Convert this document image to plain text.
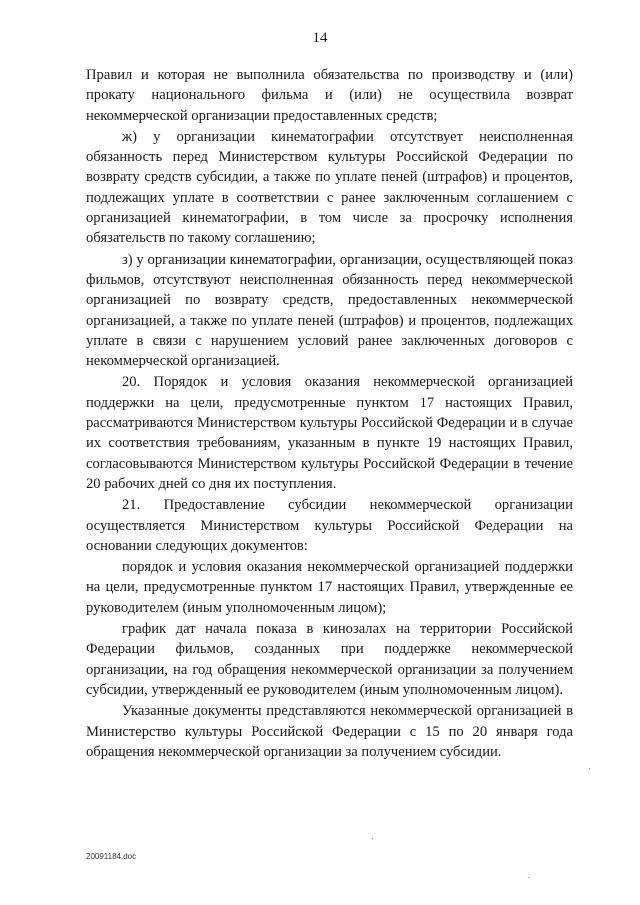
14

Правил и которая не выполнила обязательства по производству и (или) прокату национального фильма и (или) не осуществила возврат некоммерческой организации предоставленных средств;

ж) у организации кинематографии отсутствует неисполненная обязанность перед Министерством культуры Российской Федерации по возврату средств субсидии, а также по уплате пеней (штрафов) и процентов, подлежащих уплате в соответствии с ранее заключенным соглашением с организацией кинематографии, в том числе за просрочку исполнения обязательств по такому соглашению;

з) у организации кинематографии, организации, осуществляющей показ фильмов, отсутствуют неисполненная обязанность перед некоммерческой организацией по возврату средств, предоставленных некоммерческой организацией, а также по уплате пеней (штрафов) и процентов, подлежащих уплате в связи с нарушением условий ранее заключенных договоров с некоммерческой организацией.

20. Порядок и условия оказания некоммерческой организацией поддержки на цели, предусмотренные пунктом 17 настоящих Правил, рассматриваются Министерством культуры Российской Федерации и в случае их соответствия требованиям, указанным в пункте 19 настоящих Правил, согласовываются Министерством культуры Российской Федерации в течение 20 рабочих дней со дня их поступления.

21. Предоставление субсидии некоммерческой организации осуществляется Министерством культуры Российской Федерации на основании следующих документов:

порядок и условия оказания некоммерческой организацией поддержки на цели, предусмотренные пунктом 17 настоящих Правил, утвержденные ее руководителем (иным уполномоченным лицом);

график дат начала показа в кинозалах на территории Российской Федерации фильмов, созданных при поддержке некоммерческой организации, на год обращения некоммерческой организации за получением субсидии, утвержденный ее руководителем (иным уполномоченным лицом).

Указанные документы представляются некоммерческой организацией в Министерство культуры Российской Федерации с 15 по 20 января года обращения некоммерческой организации за получением субсидии.

20091184.doc
